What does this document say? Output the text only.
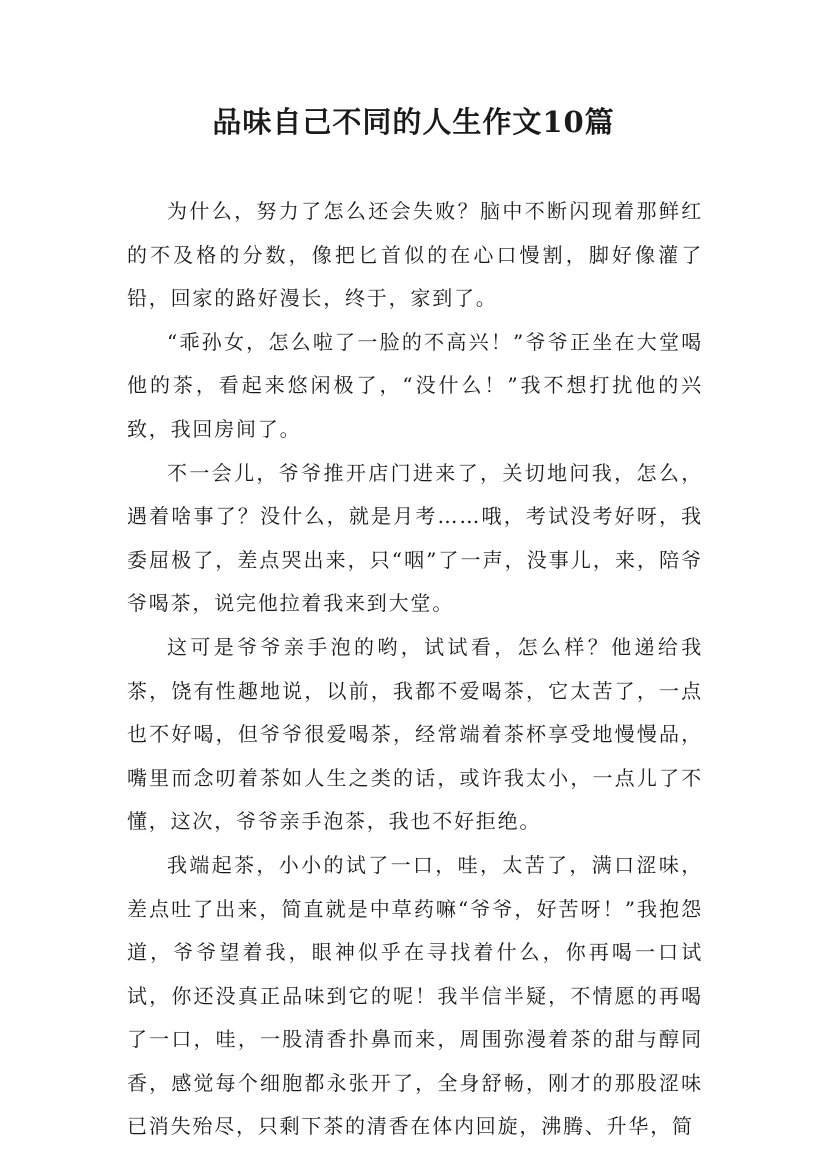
品味自己不同的人生作文10篇

为什么，努力了怎么还会失败？脑中不断闪现着那鲜红的不及格的分数，像把匕首似的在心口慢割，脚好像灌了铅，回家的路好漫长，终于，家到了。

“乖孙女，怎么啦了一脸的不高兴！”爷爷正坐在大堂喝他的茶，看起来悠闲极了，“没什么！”我不想打扰他的兴致，我回房间了。

不一会儿，爷爷推开店门进来了，关切地问我，怎么，遇着啥事了？没什么，就是月考……哦，考试没考好呀，我委屈极了，差点哭出来，只“咽”了一声，没事儿，来，陪爷爷喝茶，说完他拉着我来到大堂。

这可是爷爷亲手泡的哟，试试看，怎么样？他递给我茶，饶有性趣地说，以前，我都不爱喝茶，它太苦了，一点也不好喝，但爷爷很爱喝茶，经常端着茶杯享受地慢慢品，嘴里而念叨着茶如人生之类的话，或许我太小，一点儿了不懂，这次，爷爷亲手泡茶，我也不好拒绝。

我端起茶，小小的试了一口，哇，太苦了，满口涩味，差点吐了出来，简直就是中草药嘛“爷爷，好苦呀！”我抱怨道，爷爷望着我，眼神似乎在寻找着什么，你再喝一口试试，你还没真正品味到它的呢！我半信半疑，不情愿的再喝了一口，哇，一股清香扑鼻而来，周围弥漫着茶的甜与醇同香，感觉每个细胞都永张开了，全身舒畅，刚才的那股涩味已消失殆尽，只剩下茶的清香在体内回旋，沸腾、升华，简
